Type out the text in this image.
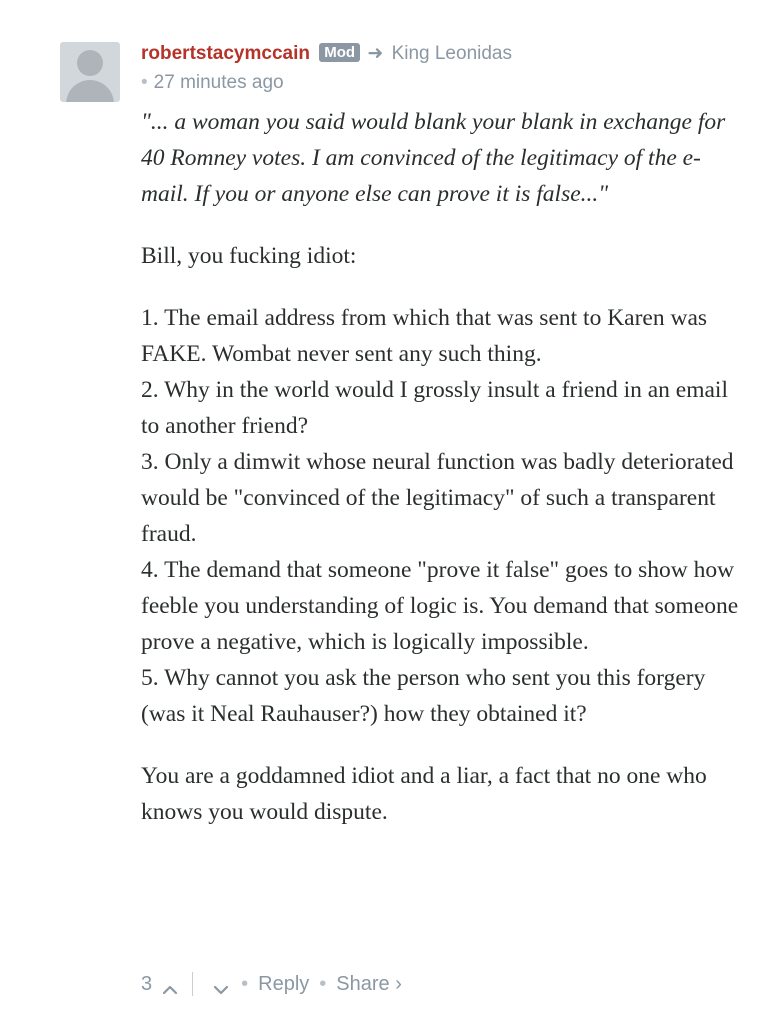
robertstacymccain Mod ➜ King Leonidas
• 27 minutes ago

"... a woman you said would blank your blank in exchange for 40 Romney votes. I am convinced of the legitimacy of the e-mail. If you or anyone else can prove it is false..."

Bill, you fucking idiot:

1. The email address from which that was sent to Karen was FAKE. Wombat never sent any such thing.
2. Why in the world would I grossly insult a friend in an email to another friend?
3. Only a dimwit whose neural function was badly deteriorated would be "convinced of the legitimacy" of such a transparent fraud.
4. The demand that someone "prove it false" goes to show how feeble you understanding of logic is. You demand that someone prove a negative, which is logically impossible.
5. Why cannot you ask the person who sent you this forgery (was it Neal Rauhauser?) how they obtained it?

You are a goddamned idiot and a liar, a fact that no one who knows you would dispute.

3	• Reply • Share ›
